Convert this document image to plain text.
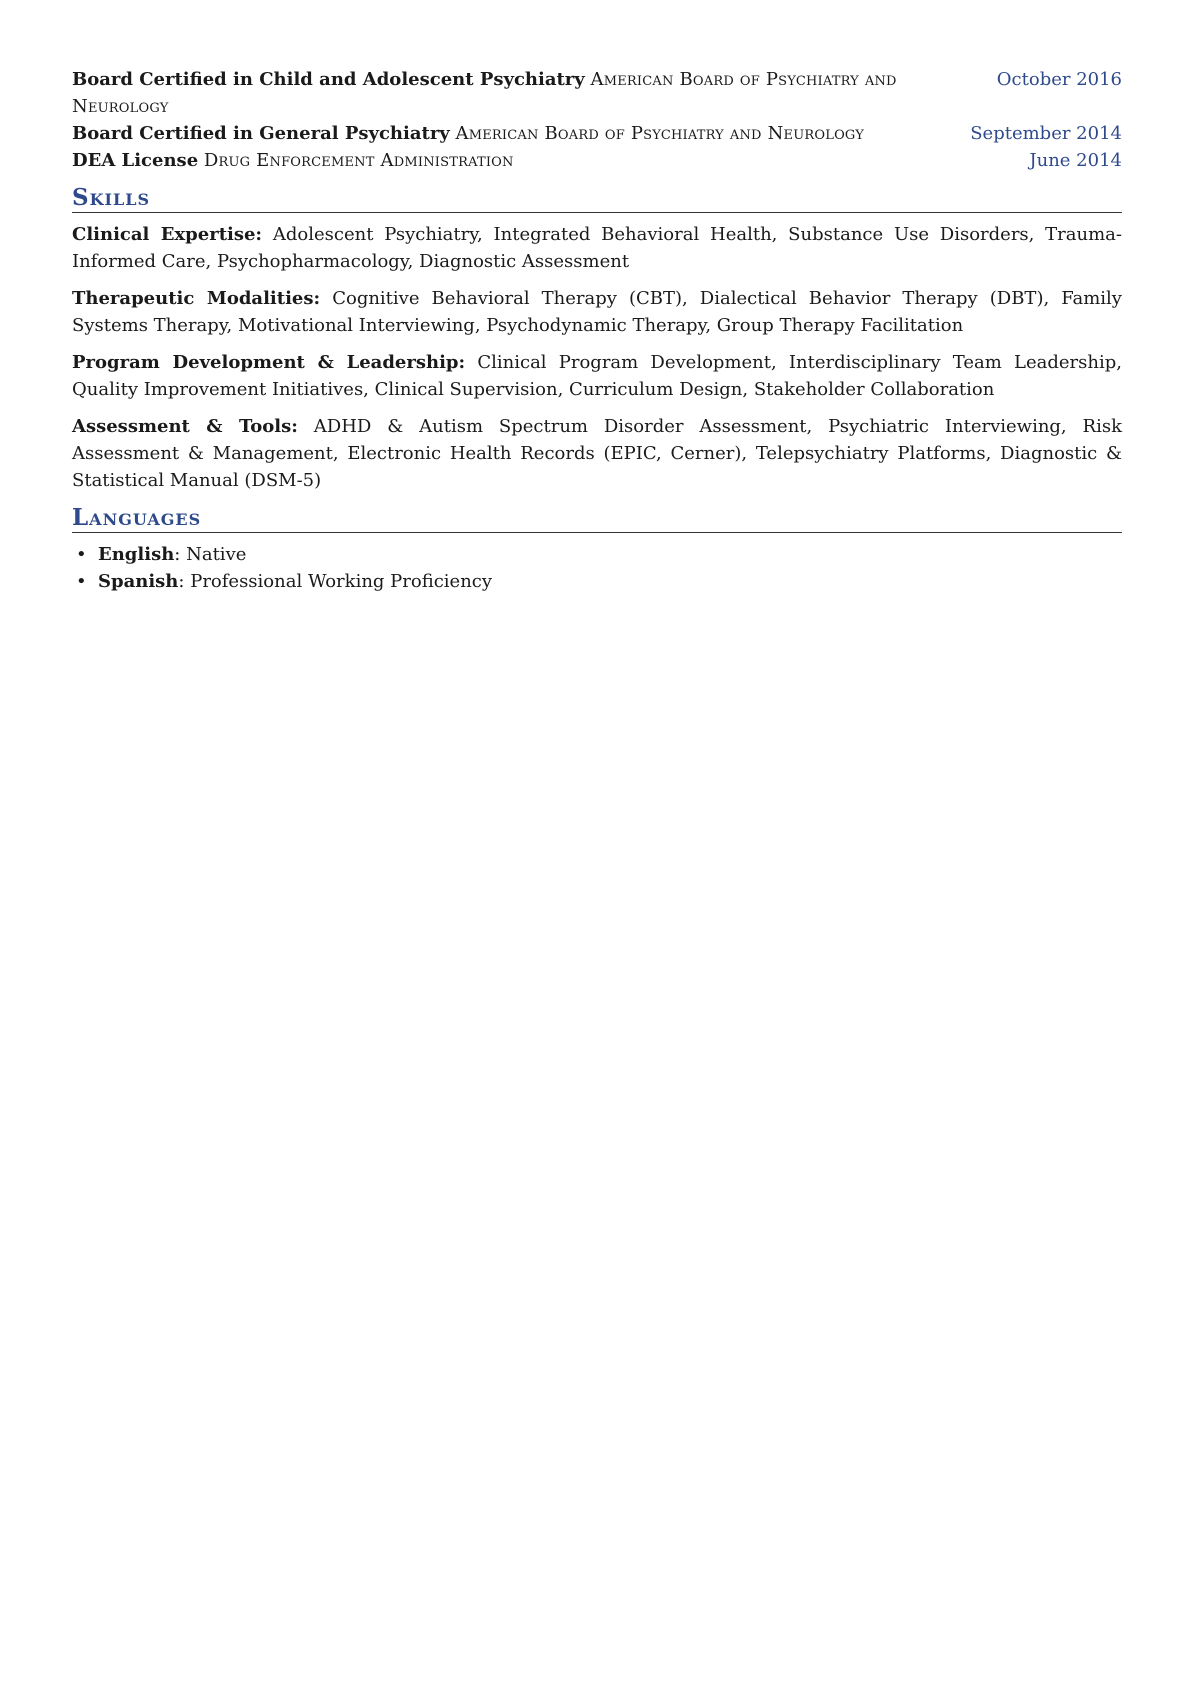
Board Certified in Child and Adolescent Psychiatry American Board of Psychiatry and Neurology
October 2016
Board Certified in General Psychiatry American Board of Psychiatry and Neurology	September 2014
DEA License Drug Enforcement Administration	June 2014
Skills
Clinical Expertise: Adolescent Psychiatry, Integrated Behavioral Health, Substance Use Disorders, Trauma-Informed Care, Psychopharmacology, Diagnostic Assessment
Therapeutic Modalities: Cognitive Behavioral Therapy (CBT), Dialectical Behavior Therapy (DBT), Family Systems Therapy, Motivational Interviewing, Psychodynamic Therapy, Group Therapy Facilitation
Program Development & Leadership: Clinical Program Development, Interdisciplinary Team Leadership, Quality Improvement Initiatives, Clinical Supervision, Curriculum Design, Stakeholder Collaboration
Assessment & Tools: ADHD & Autism Spectrum Disorder Assessment, Psychiatric Interviewing, Risk Assessment & Management, Electronic Health Records (EPIC, Cerner), Telepsychiatry Platforms, Diagnostic & Statistical Manual (DSM-5)
Languages
• English: Native
• Spanish: Professional Working Proficiency
